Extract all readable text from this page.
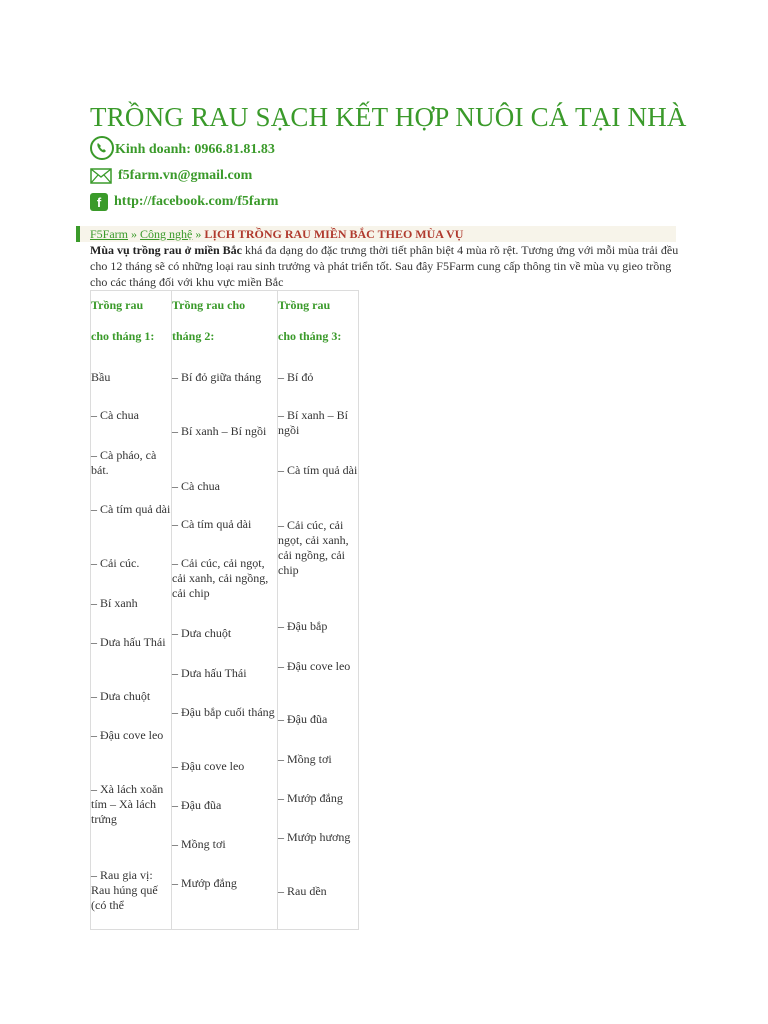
TRỒNG RAU SẠCH KẾT HỢP NUÔI CÁ TẠI NHÀ
Kinh doanh: 0966.81.81.83
f5farm.vn@gmail.com
f http://facebook.com/f5farm
F5Farm » Công nghệ » LỊCH TRỒNG RAU MIỀN BẮC THEO MÙA VỤ
Mùa vụ trồng rau ở miền Bắc khá đa dạng do đặc trưng thời tiết phân biệt 4 mùa rõ rệt. Tương ứng với mỗi mùa trải đều cho 12 tháng sẽ có những loại rau sinh trưởng và phát triển tốt. Sau đây F5Farm cung cấp thông tin về mùa vụ gieo trồng cho các tháng đối với khu vực miền Bắc
Trồng rau
cho tháng 1:
Bầu
– Cà chua
– Cà pháo, cà bát.
– Cà tím quả dài
– Cải cúc.
– Bí xanh
– Dưa hấu Thái
– Dưa chuột
– Đậu cove leo
– Xà lách xoăn tím – Xà lách trứng
– Rau gia vị: Rau húng quế (có thể
Trồng rau cho
tháng 2:
– Bí đỏ giữa tháng
– Bí xanh – Bí ngồi
– Cà chua
– Cà tím quả dài
– Cải cúc, cải ngọt, cải xanh, cải ngồng, cải chip
– Dưa chuột
– Dưa hấu Thái
– Đậu bắp cuối tháng
– Đậu cove leo
– Đậu đũa
– Mồng tơi
– Mướp đắng
Trồng rau
cho tháng 3:
– Bí đỏ
– Bí xanh – Bí ngồi
– Cà tím quả dài
– Cải cúc, cải ngọt, cải xanh, cải ngồng, cải chip
– Đậu bắp
– Đậu cove leo
– Đậu đũa
– Mồng tơi
– Mướp đắng
– Mướp hương
– Rau dền
